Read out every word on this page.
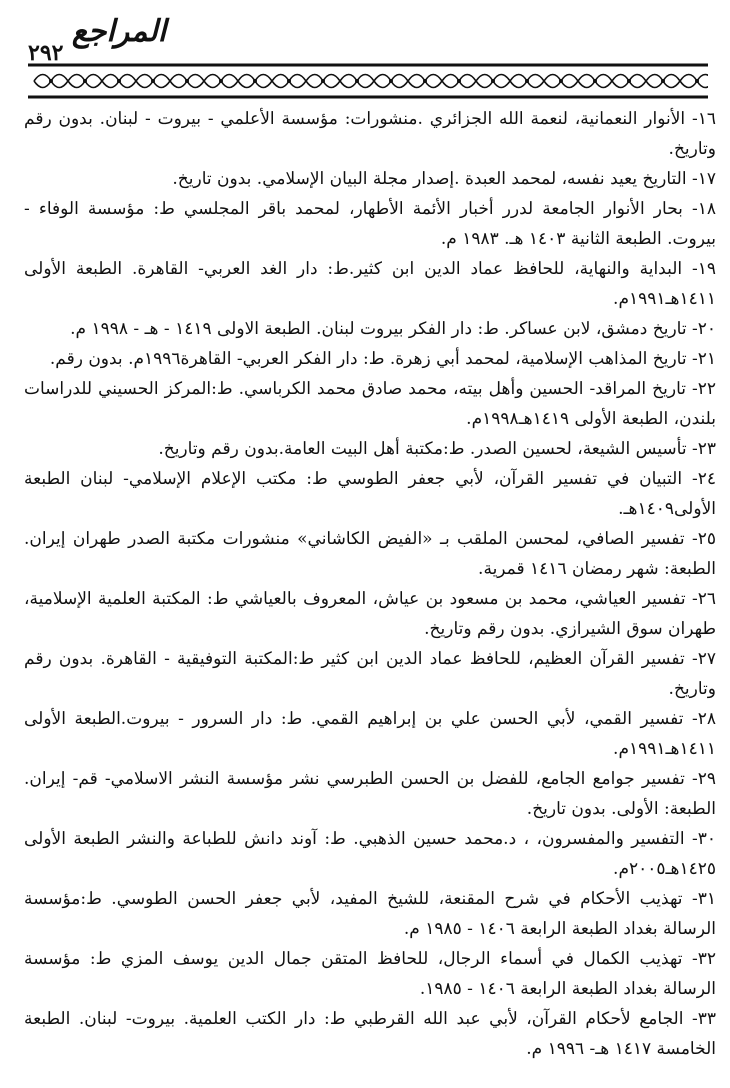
المراجع
٢٩٢

١٦- الأنوار النعمانية، لنعمة الله الجزائري .منشورات: مؤسسة الأعلمي - بيروت - لبنان. بدون رقم وتاريخ.

١٧- التاريخ يعيد نفسه، لمحمد العبدة .إصدار مجلة البيان الإسلامي. بدون تاريخ.

١٨- بحار الأنوار الجامعة لدرر أخبار الأئمة الأطهار، لمحمد باقر المجلسي ط: مؤسسة الوفاء - بيروت. الطبعة الثانية ١٤٠٣ هـ. ١٩٨٣ م.

١٩- البداية والنهاية، للحافظ عماد الدين ابن كثير.ط: دار الغد العربي- القاهرة. الطبعة الأولى ١٤١١هـ١٩٩١م.

٢٠- تاريخ دمشق، لابن عساكر. ط: دار الفكر بيروت لبنان. الطبعة الاولى ١٤١٩ - هـ - ١٩٩٨ م.

٢١- تاريخ المذاهب الإسلامية، لمحمد أبي زهرة. ط: دار الفكر العربي- القاهرة١٩٩٦م. بدون رقم.

٢٢- تاريخ المراقد- الحسين وأهل بيته، محمد صادق محمد الكرباسي. ط:المركز الحسيني للدراسات بلندن، الطبعة الأولى ١٤١٩هـ١٩٩٨م.

٢٣- تأسيس الشيعة، لحسين الصدر. ط:مكتبة أهل البيت العامة.بدون رقم وتاريخ.

٢٤- التبيان في تفسير القرآن، لأبي جعفر الطوسي ط: مكتب الإعلام الإسلامي- لبنان الطبعة الأولى١٤٠٩هـ.

٢٥- تفسير الصافي، لمحسن الملقب بـ «الفيض الكاشاني» منشورات مكتبة الصدر طهران إيران. الطبعة: شهر رمضان ١٤١٦ قمرية.

٢٦- تفسير العياشي، محمد بن مسعود بن عياش، المعروف بالعياشي ط: المكتبة العلمية الإسلامية، طهران سوق الشيرازي. بدون رقم وتاريخ.

٢٧- تفسير القرآن العظيم، للحافظ عماد الدين ابن كثير ط:المكتبة التوفيقية - القاهرة. بدون رقم وتاريخ.

٢٨- تفسير القمي، لأبي الحسن علي بن إبراهيم القمي. ط: دار السرور - بيروت.الطبعة الأولى ١٤١١هـ١٩٩١م.

٢٩- تفسير جوامع الجامع، للفضل بن الحسن الطبرسي نشر مؤسسة النشر الاسلامي- قم- إيران. الطبعة: الأولى. بدون تاريخ.

٣٠- التفسير والمفسرون، ، د.محمد حسين الذهبي. ط: آوند دانش للطباعة والنشر الطبعة الأولى ١٤٢٥هـ٢٠٠٥م.

٣١- تهذيب الأحكام في شرح المقنعة، للشيخ المفيد، لأبي جعفر الحسن الطوسي. ط:مؤسسة الرسالة بغداد الطبعة الرابعة ١٤٠٦ - ١٩٨٥ م.

٣٢- تهذيب الكمال في أسماء الرجال، للحافظ المتقن جمال الدين يوسف المزي ط: مؤسسة الرسالة بغداد الطبعة الرابعة ١٤٠٦ - ١٩٨٥.

٣٣- الجامع لأحكام القرآن، لأبي عبد الله القرطبي ط: دار الكتب العلمية. بيروت- لبنان. الطبعة الخامسة ١٤١٧ هـ- ١٩٩٦ م.
